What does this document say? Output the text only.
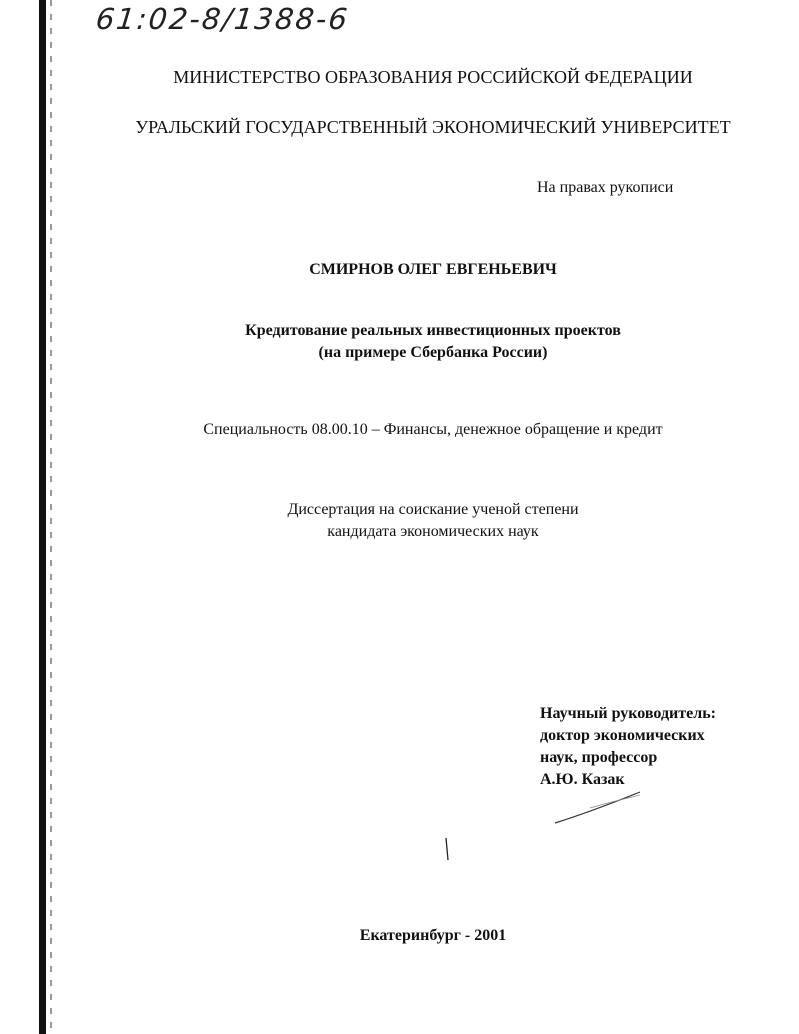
61:02-8/1388-6
МИНИСТЕРСТВО ОБРАЗОВАНИЯ РОССИЙСКОЙ ФЕДЕРАЦИИ
УРАЛЬСКИЙ ГОСУДАРСТВЕННЫЙ ЭКОНОМИЧЕСКИЙ УНИВЕРСИТЕТ
На правах рукописи
СМИРНОВ ОЛЕГ ЕВГЕНЬЕВИЧ
Кредитование реальных инвестиционных проектов
(на примере Сбербанка России)
Специальность 08.00.10 – Финансы, денежное обращение и кредит
Диссертация на соискание ученой степени
кандидата экономических наук
Научный руководитель:
доктор экономических
наук, профессор
А.Ю. Казак
Екатеринбург - 2001
